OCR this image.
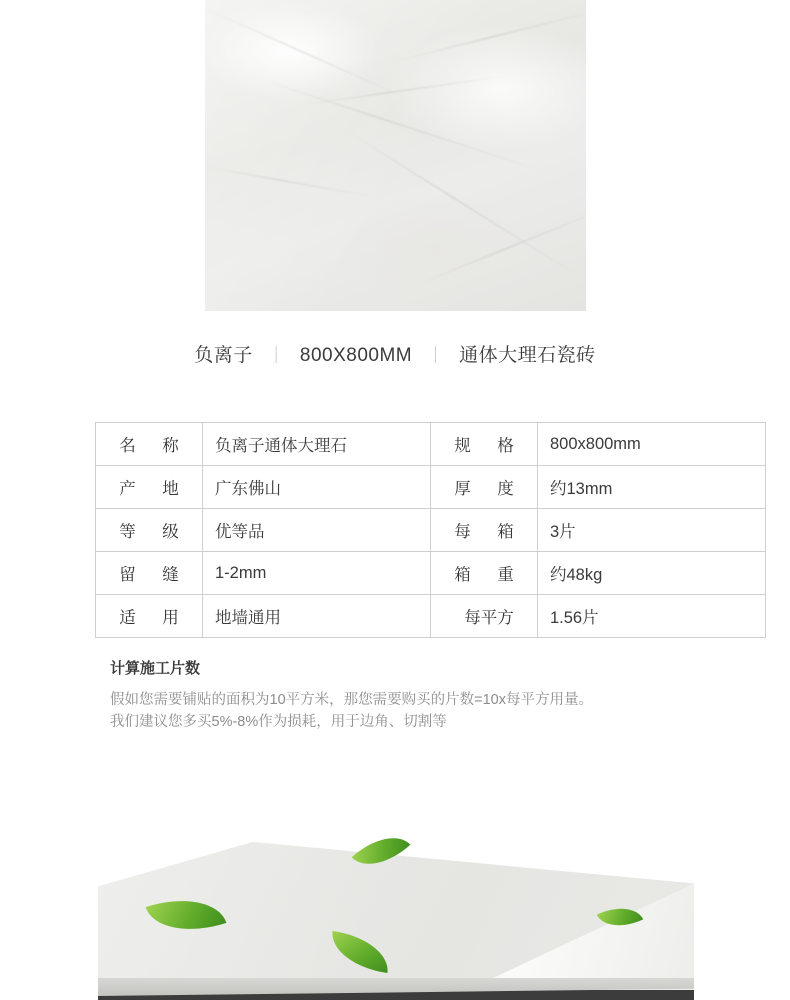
负离子 ｜ 800X800MM ｜ 通体大理石瓷砖
名　称	负离子通体大理石	规　格	800x800mm
产　地	广东佛山	厚　度	约13mm
等　级	优等品	每　箱	3片
留　缝	1-2mm	箱　重	约48kg
适　用	地墙通用	每平方	1.56片
计算施工片数
假如您需要铺贴的面积为10平方米，那您需要购买的片数=10x每平方用量。
我们建议您多买5%-8%作为损耗，用于边角、切割等
